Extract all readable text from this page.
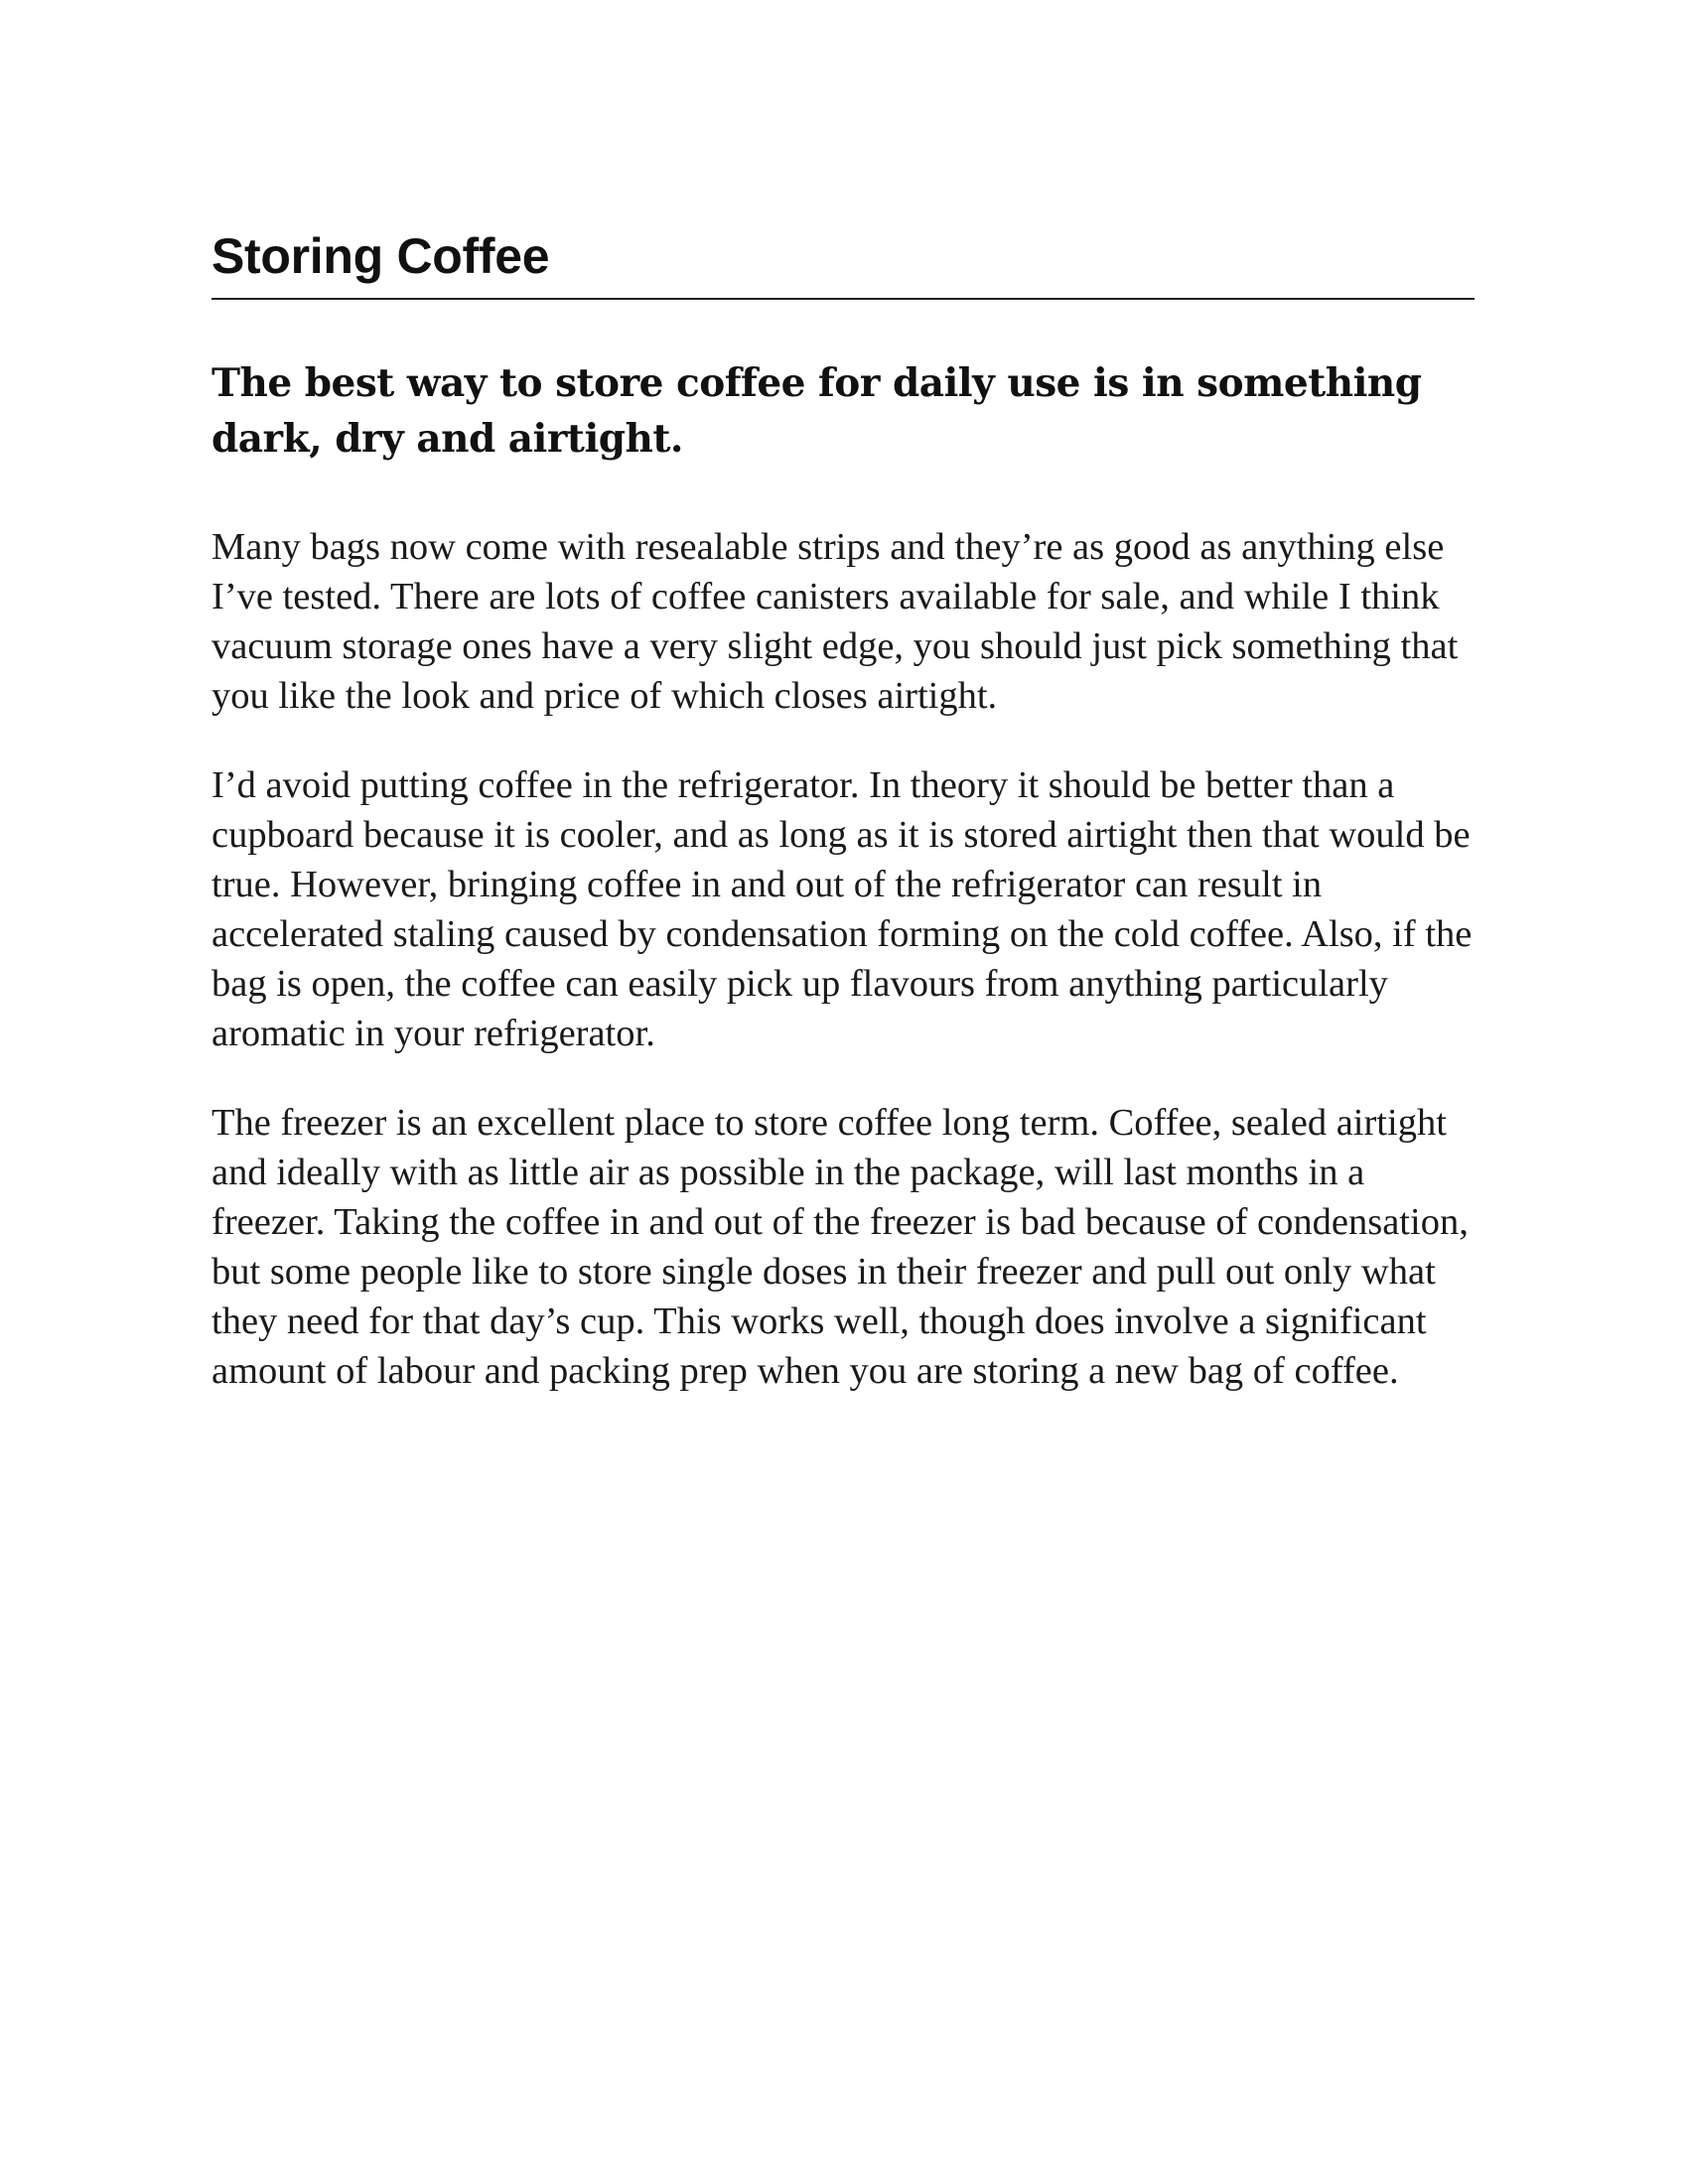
Storing Coffee

The best way to store coffee for daily use is in something dark, dry and airtight.

Many bags now come with resealable strips and they’re as good as anything else I’ve tested. There are lots of coffee canisters available for sale, and while I think vacuum storage ones have a very slight edge, you should just pick something that you like the look and price of which closes airtight.

I’d avoid putting coffee in the refrigerator. In theory it should be better than a cupboard because it is cooler, and as long as it is stored airtight then that would be true. However, bringing coffee in and out of the refrigerator can result in accelerated staling caused by condensation forming on the cold coffee. Also, if the bag is open, the coffee can easily pick up flavours from anything particularly aromatic in your refrigerator.

The freezer is an excellent place to store coffee long term. Coffee, sealed airtight and ideally with as little air as possible in the package, will last months in a freezer. Taking the coffee in and out of the freezer is bad because of condensation, but some people like to store single doses in their freezer and pull out only what they need for that day’s cup. This works well, though does involve a significant amount of labour and packing prep when you are storing a new bag of coffee.
